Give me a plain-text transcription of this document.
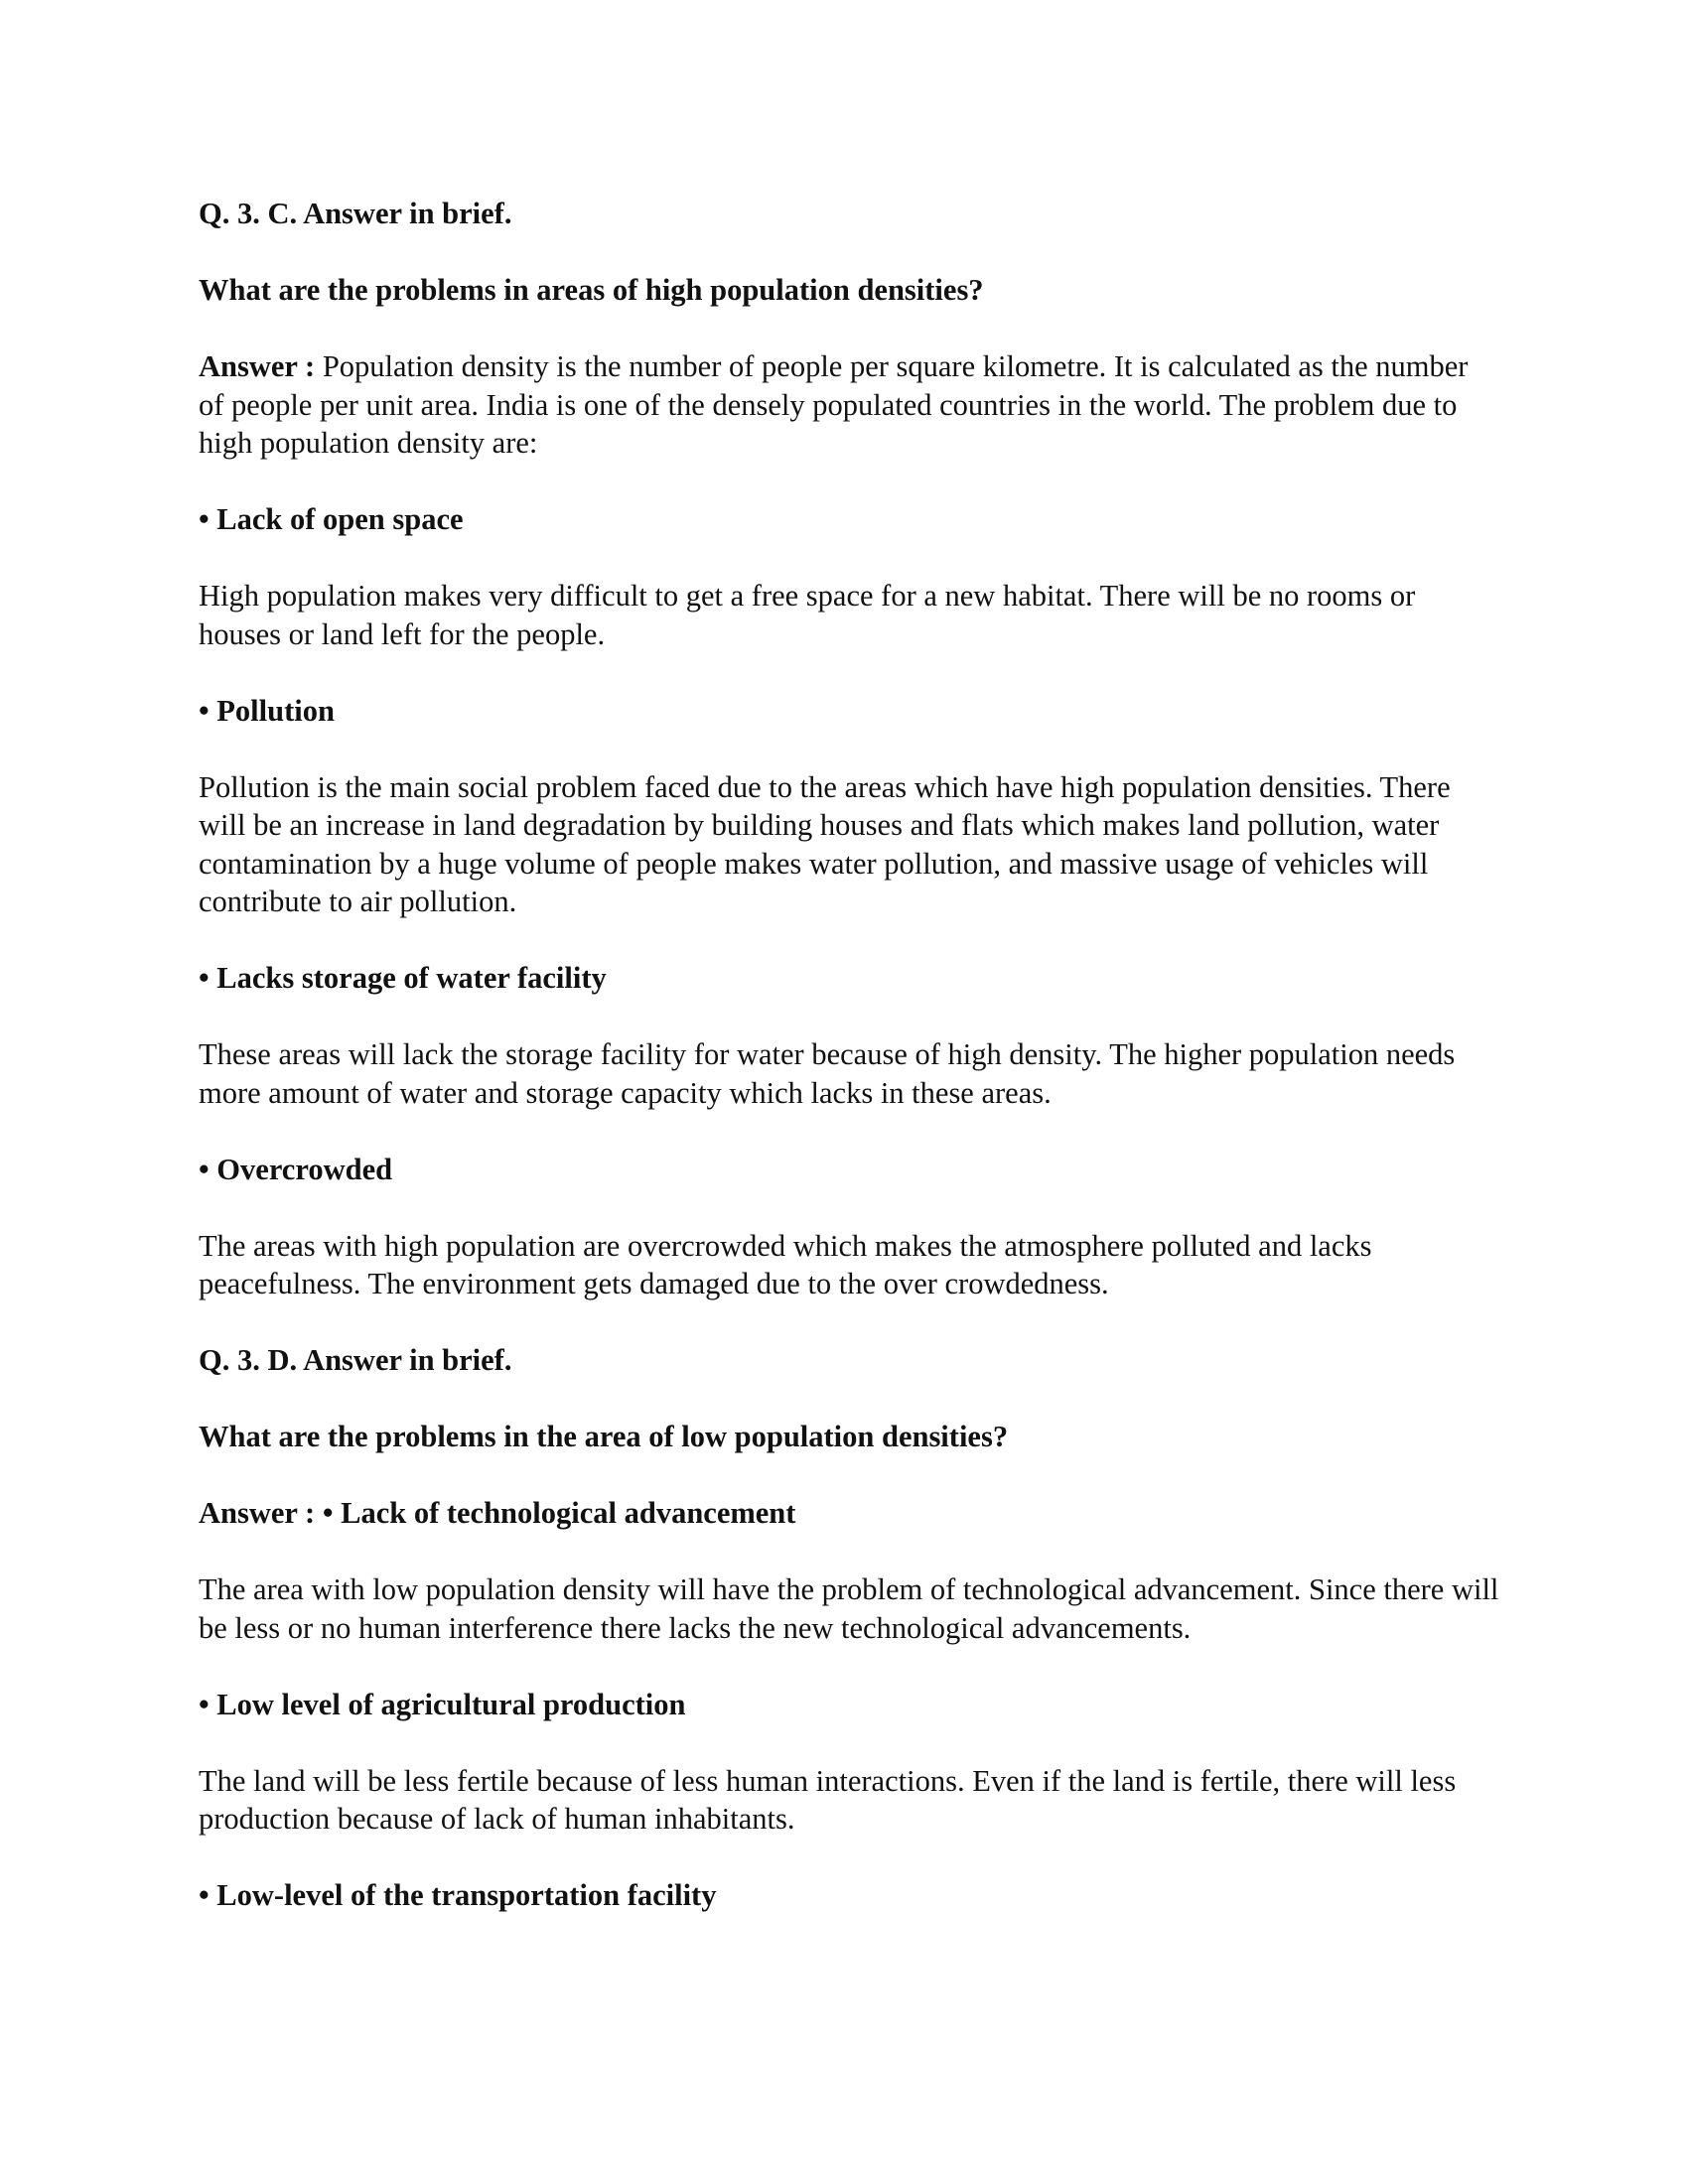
Q. 3. C. Answer in brief.

What are the problems in areas of high population densities?

Answer : Population density is the number of people per square kilometre. It is calculated as the number of people per unit area. India is one of the densely populated countries in the world. The problem due to high population density are:

• Lack of open space

High population makes very difficult to get a free space for a new habitat. There will be no rooms or houses or land left for the people.

• Pollution

Pollution is the main social problem faced due to the areas which have high population densities. There will be an increase in land degradation by building houses and flats which makes land pollution, water contamination by a huge volume of people makes water pollution, and massive usage of vehicles will contribute to air pollution.

• Lacks storage of water facility

These areas will lack the storage facility for water because of high density. The higher population needs more amount of water and storage capacity which lacks in these areas.

• Overcrowded

The areas with high population are overcrowded which makes the atmosphere polluted and lacks peacefulness. The environment gets damaged due to the over crowdedness.

Q. 3. D. Answer in brief.

What are the problems in the area of low population densities?

Answer : • Lack of technological advancement

The area with low population density will have the problem of technological advancement. Since there will be less or no human interference there lacks the new technological advancements.

• Low level of agricultural production

The land will be less fertile because of less human interactions. Even if the land is fertile, there will less production because of lack of human inhabitants.

• Low-level of the transportation facility
